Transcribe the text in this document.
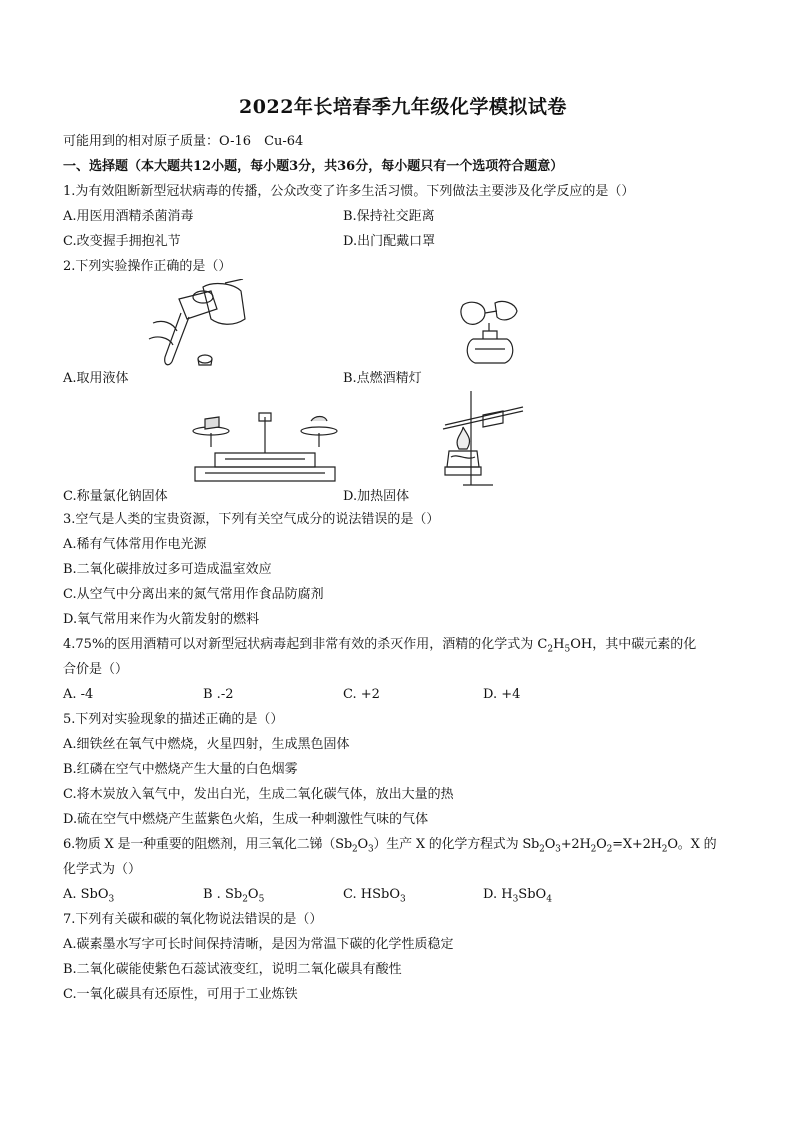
2022年长培春季九年级化学模拟试卷
可能用到的相对原子质量：O-16　Cu-64
一、选择题（本大题共12小题，每小题3分，共36分，每小题只有一个选项符合题意）
1.为有效阻断新型冠状病毒的传播，公众改变了许多生活习惯。下列做法主要涉及化学反应的是（）
A.用医用酒精杀菌消毒	B.保持社交距离
C.改变握手拥抱礼节	D.出门配戴口罩
2.下列实验操作正确的是（）
A.取用液体	B.点燃酒精灯
C.称量氯化钠固体	D.加热固体
3.空气是人类的宝贵资源，下列有关空气成分的说法错误的是（）
A.稀有气体常用作电光源
B.二氧化碳排放过多可造成温室效应
C.从空气中分离出来的氮气常用作食品防腐剂
D.氧气常用来作为火箭发射的燃料
4.75%的医用酒精可以对新型冠状病毒起到非常有效的杀灭作用，酒精的化学式为 $C_2H_5OH$，其中碳元素的化
合价是（）
A. -4	B .-2	C. +2	D. +4
5.下列对实验现象的描述正确的是（）
A.细铁丝在氧气中燃烧，火星四射，生成黑色固体
B.红磷在空气中燃烧产生大量的白色烟雾
C.将木炭放入氧气中，发出白光，生成二氧化碳气体，放出大量的热
D.硫在空气中燃烧产生蓝紫色火焰，生成一种刺激性气味的气体
6.物质 X 是一种重要的阻燃剂，用三氧化二锑$(Sb_2O_3)$生产 X 的化学方程式为 $Sb_2O_3+2H_2O_2=X+2H_2O$。X 的
化学式为（）
A. SbO$_3$	B . $Sb_2O_5$	C. HSbO$_3$	D. $H_3SbO_4$
7.下列有关碳和碳的氧化物说法错误的是（）
A.碳素墨水写字可长时间保持清晰，是因为常温下碳的化学性质稳定
B.二氧化碳能使紫色石蕊试液变红，说明二氧化碳具有酸性
C.一氧化碳具有还原性，可用于工业炼铁
